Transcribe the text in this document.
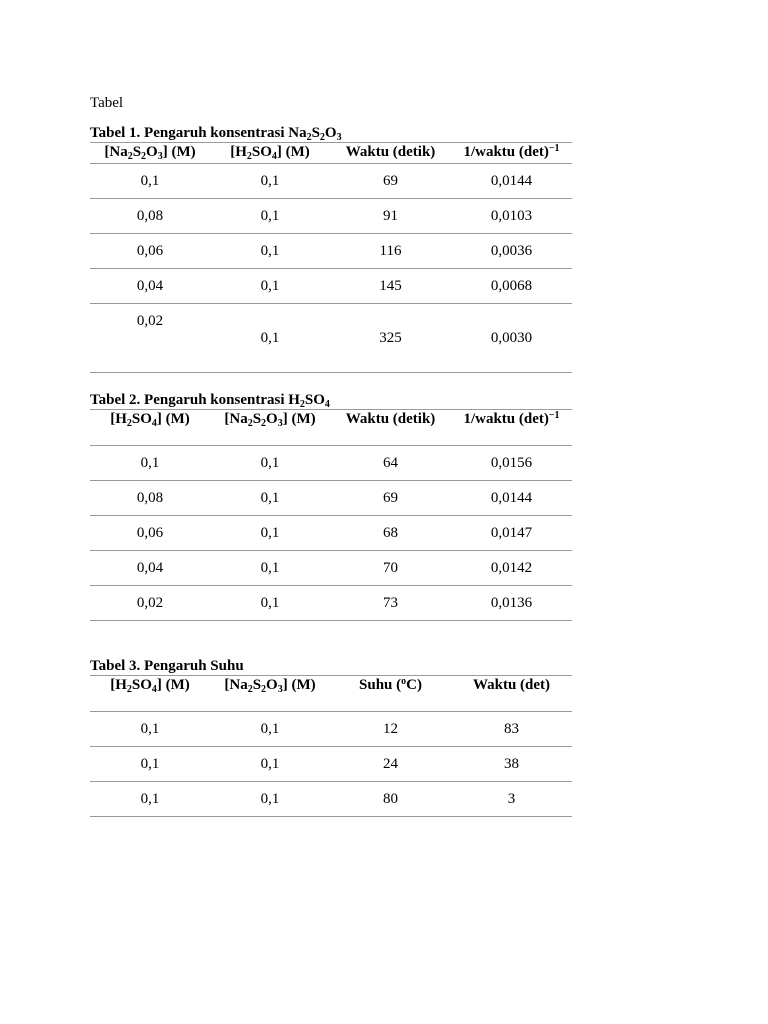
Tabel
Tabel 1. Pengaruh konsentrasi $Na_2S_2O_3$
$[Na_2S_2O_3]$ (M)	$[H_2SO_4]$ (M)	Waktu (detik)	1/waktu $(\det)^{-1}$
0,1	0,1	69	0,0144
0,08	0,1	91	0,0103
0,06	0,1	116	0,0036
0,04	0,1	145	0,0068
0,02	0,1	325	0,0030
Tabel 2. Pengaruh konsentrasi $H_2SO_4$
$[H_2SO_4]$ (M)	$[Na_2S_2O_3]$ (M)	Waktu (detik)	1/waktu $(\det)^{-1}$
0,1	0,1	64	0,0156
0,08	0,1	69	0,0144
0,06	0,1	68	0,0147
0,04	0,1	70	0,0142
0,02	0,1	73	0,0136
Tabel 3. Pengaruh Suhu
$[H_2SO_4]$ (M)	$[Na_2S_2O_3]$ (M)	Suhu ($^o$C)	Waktu (det)
0,1	0,1	12	83
0,1	0,1	24	38
0,1	0,1	80	3
